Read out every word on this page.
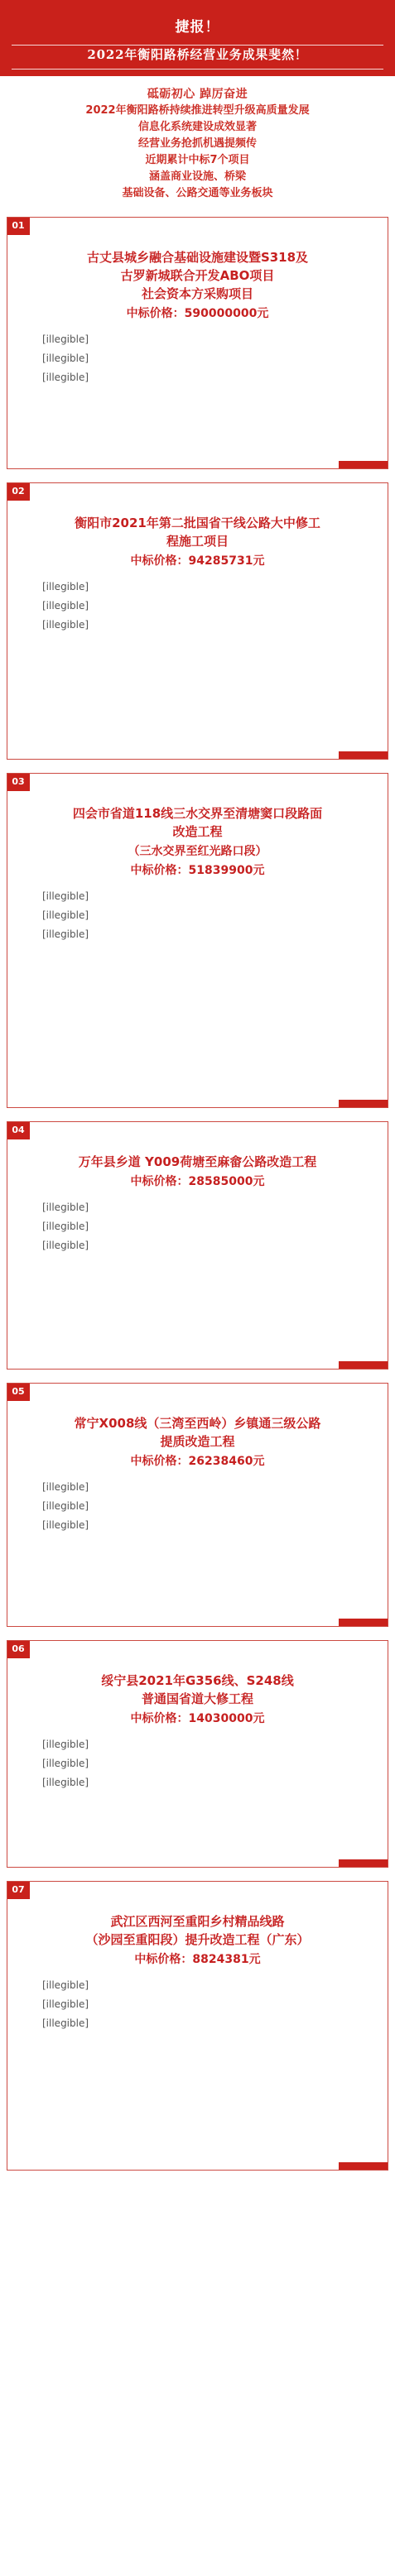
捷报！
2022年衡阳路桥经营业务成果斐然！
砥砺初心 踔厉奋进
2022年衡阳路桥持续推进转型升级高质量发展
信息化系统建设成效显著
经营业务抢抓机遇提频传
近期累计中标7个项目
涵盖商业设施、桥梁
基础设备、公路交通等业务板块
01
古丈县城乡融合基础设施建设暨S318及
古罗新城联合开发ABO项目
社会资本方采购项目
中标价格：590000000元

[illegible]

[illegible]

[illegible]

02
衡阳市2021年第二批国省干线公路大中修工
程施工项目
中标价格：94285731元

[illegible]

[illegible]

[illegible]

03
四会市省道118线三水交界至清塘窦口段路面
改造工程
（三水交界至红光路口段）
中标价格：51839900元

[illegible]

[illegible]

[illegible]

04
万年县乡道 Y009荷塘至麻畲公路改造工程
中标价格：28585000元

[illegible]

[illegible]

[illegible]

05
常宁X008线（三湾至西岭）乡镇通三级公路
提质改造工程
中标价格：26238460元

[illegible]

[illegible]

[illegible]

06
绥宁县2021年G356线、S248线
普通国省道大修工程
中标价格：14030000元

[illegible]

[illegible]

[illegible]

07
武江区西河至重阳乡村精品线路
（沙园至重阳段）提升改造工程（广东）
中标价格：8824381元

[illegible]

[illegible]

[illegible]
